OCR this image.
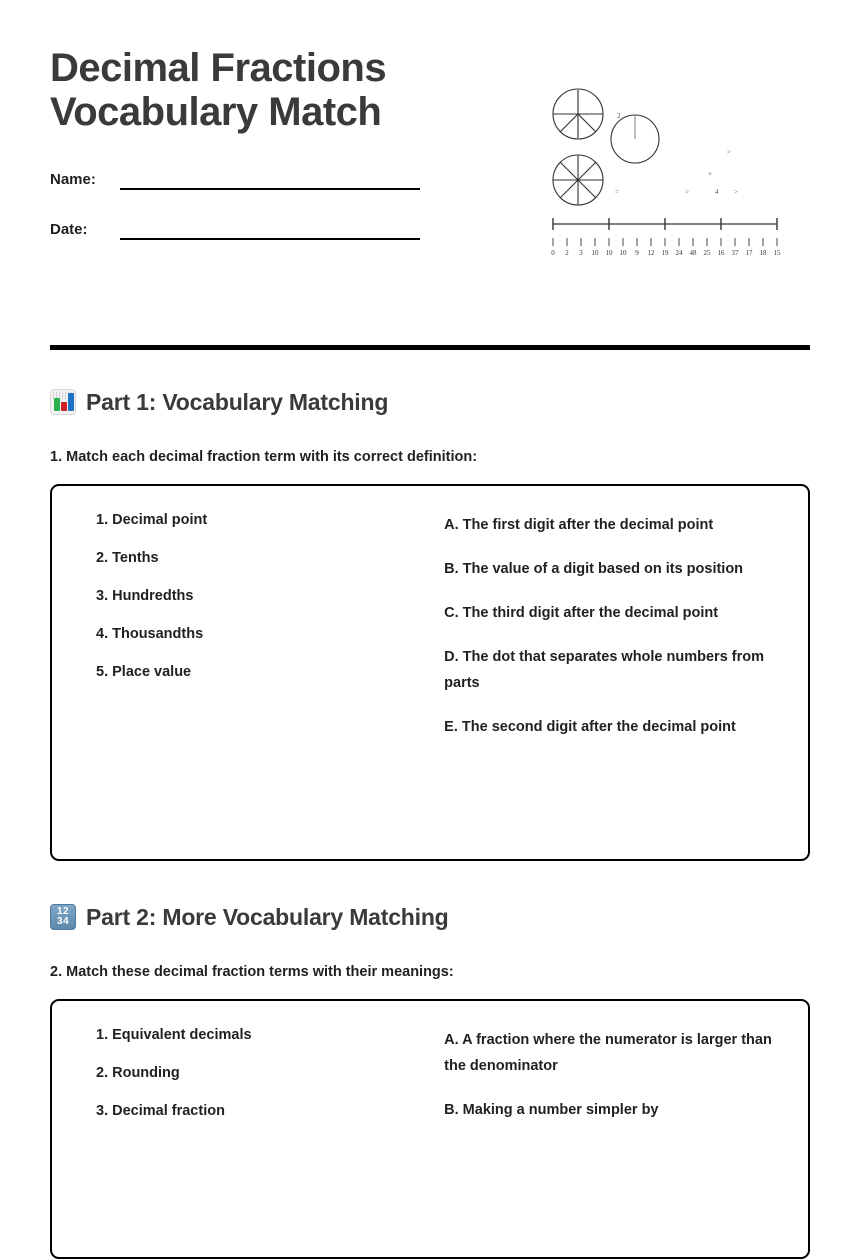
Decimal Fractions
Vocabulary Match
Name:
Date:
0 2 3 10 10 10 9 12 19 24 48 25 16 37 17 18 15
2
=
>
+
>	4 >
Part 1: Vocabulary Matching
1. Match each decimal fraction term with its correct definition:
1. Decimal point
2. Tenths
3. Hundredths
4. Thousandths
5. Place value
A. The first digit after the decimal point
B. The value of a digit based on its position
C. The third digit after the decimal point
D. The dot that separates whole numbers from parts
E. The second digit after the decimal point
12
34 Part 2: More Vocabulary Matching
2. Match these decimal fraction terms with their meanings:
1. Equivalent decimals
2. Rounding
3. Decimal fraction
A. A fraction where the numerator is larger than the denominator
B. Making a number simpler by
